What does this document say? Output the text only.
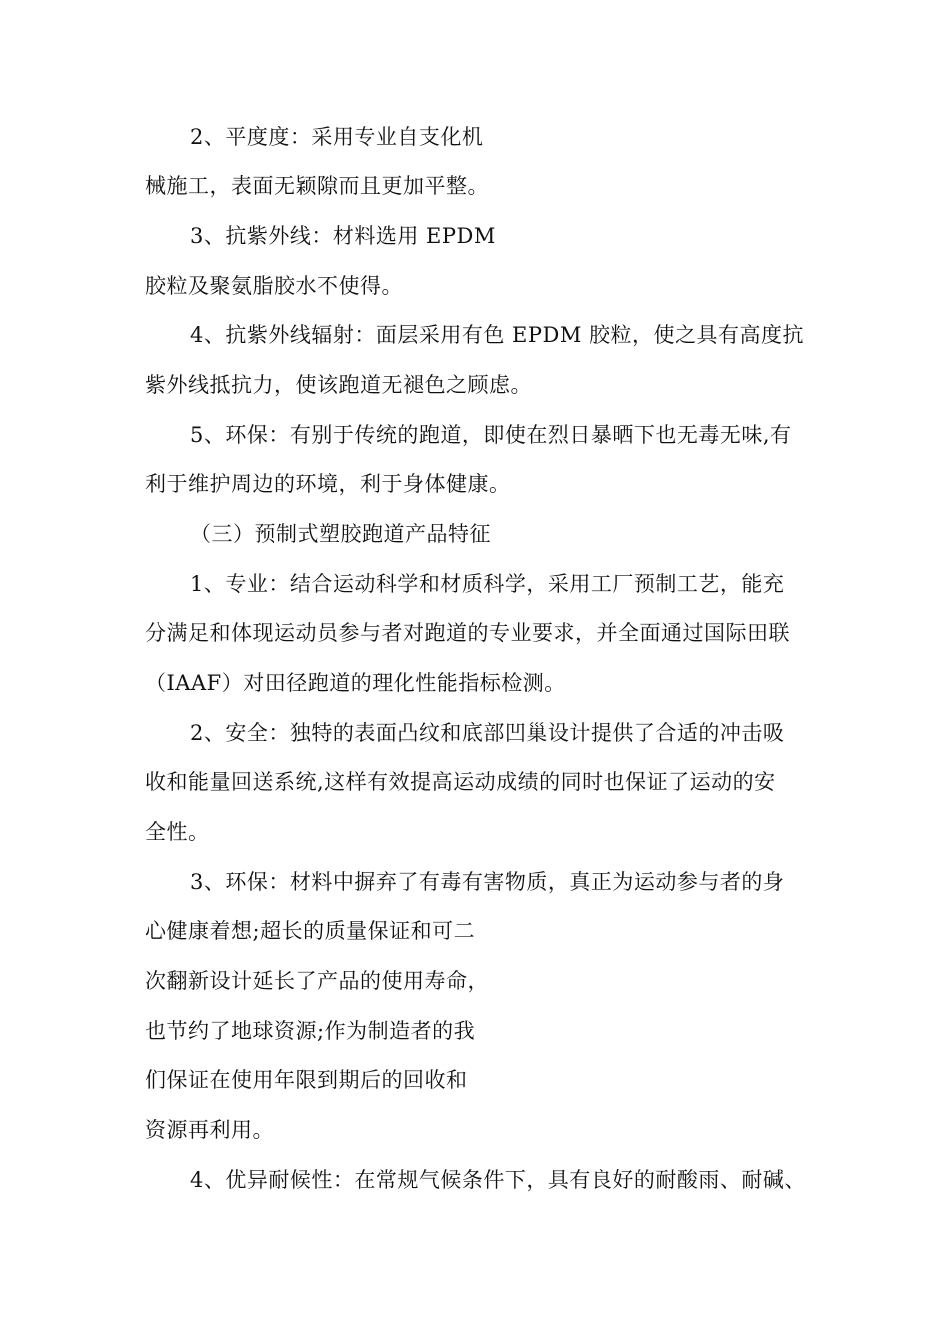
2、平度度：采用专业自支化机
械施工，表面无颖隙而且更加平整。
3、抗紫外线：材料选用 EPDM
胶粒及聚氨脂胶水不使得。
4、抗紫外线辐射：面层采用有色 EPDM 胶粒，使之具有高度抗
紫外线抵抗力，使该跑道无褪色之顾虑。
5、环保：有别于传统的跑道，即使在烈日暴晒下也无毒无味,有
利于维护周边的环境，利于身体健康。
（三）预制式塑胶跑道产品特征
1、专业：结合运动科学和材质科学，采用工厂预制工艺，能充
分满足和体现运动员参与者对跑道的专业要求，并全面通过国际田联
（IAAF）对田径跑道的理化性能指标检测。
2、安全：独特的表面凸纹和底部凹巢设计提供了合适的冲击吸
收和能量回送系统,这样有效提高运动成绩的同时也保证了运动的安
全性。
3、环保：材料中摒弃了有毒有害物质，真正为运动参与者的身
心健康着想;超长的质量保证和可二
次翻新设计延长了产品的使用寿命，
也节约了地球资源;作为制造者的我
们保证在使用年限到期后的回收和
资源再利用。
4、优异耐候性：在常规气候条件下，具有良好的耐酸雨、耐碱、
